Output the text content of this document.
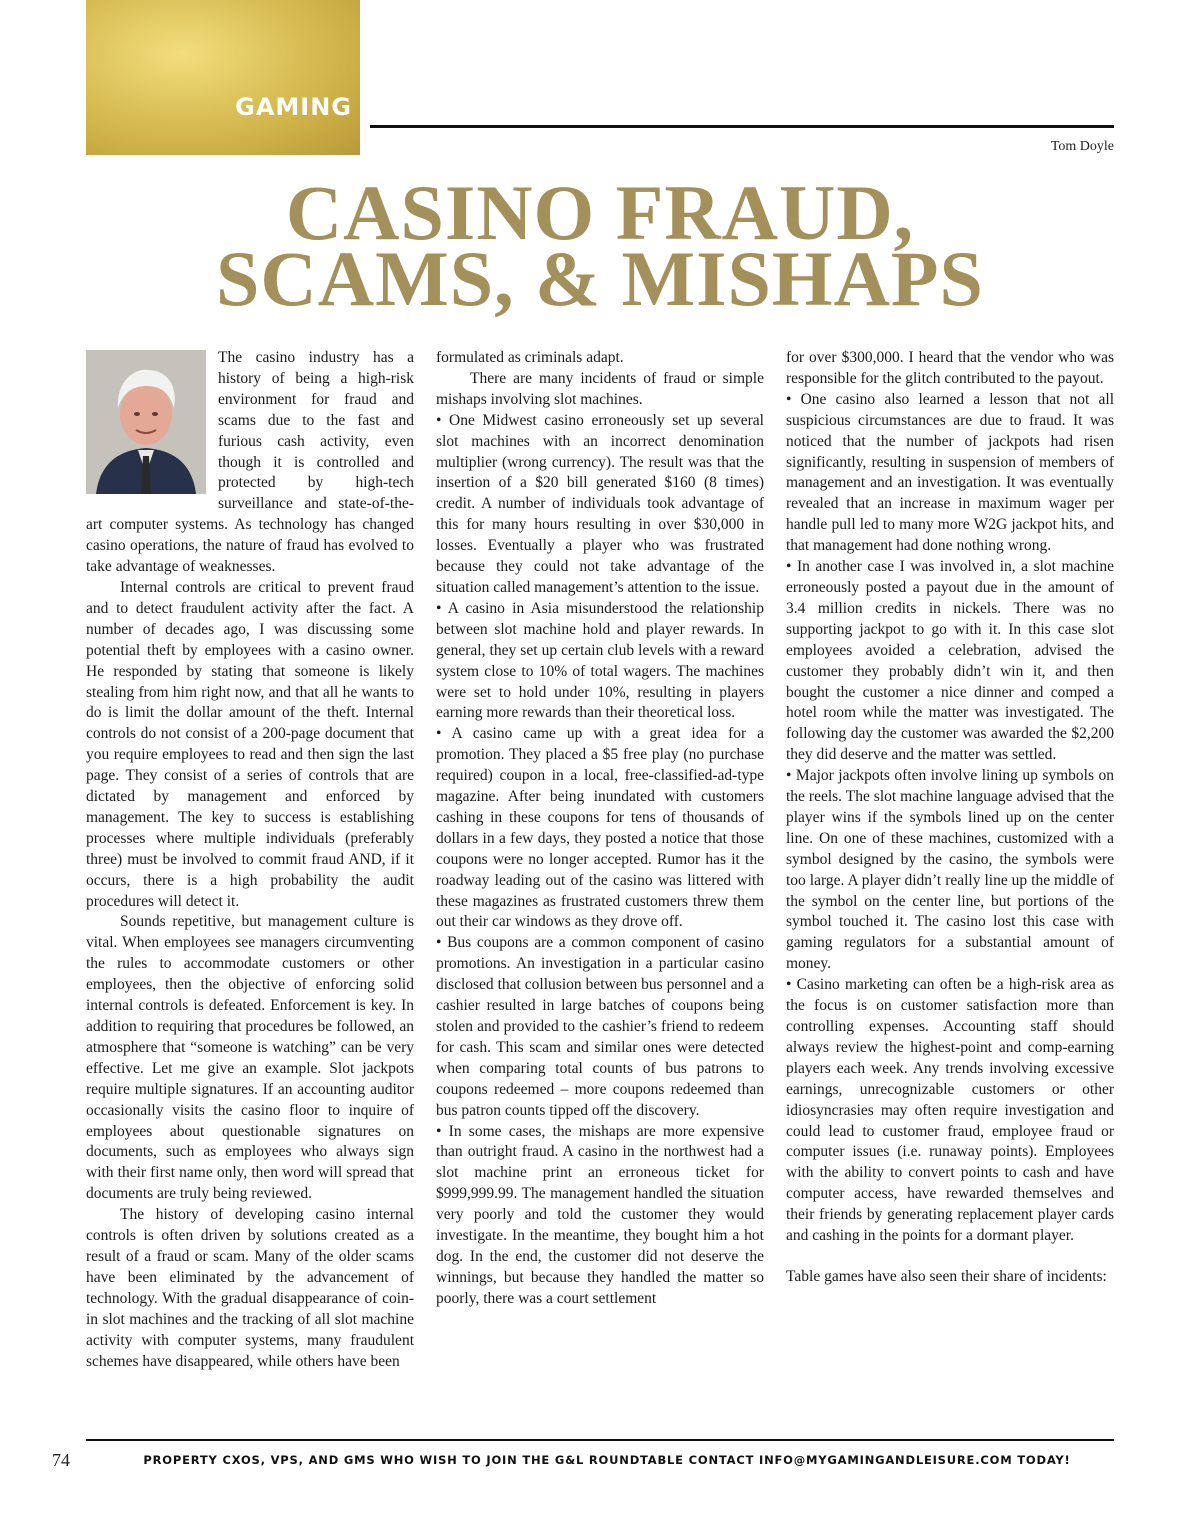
GAMING
Tom Doyle
CASINO FRAUD,
SCAMS, & MISHAPS

The casino industry has a history of being a high-risk environment for fraud and scams due to the fast and furious cash activity, even though it is controlled and protected by high-tech surveillance and state-of-the-art computer systems. As technology has changed casino operations, the nature of fraud has evolved to take advantage of weaknesses.

Internal controls are critical to prevent fraud and to detect fraudulent activity after the fact. A number of decades ago, I was discussing some potential theft by employees with a casino owner. He responded by stating that someone is likely stealing from him right now, and that all he wants to do is limit the dollar amount of the theft. Internal controls do not consist of a 200-page document that you require employees to read and then sign the last page. They consist of a series of controls that are dictated by management and enforced by management. The key to success is establishing processes where multiple individuals (preferably three) must be involved to commit fraud AND, if it occurs, there is a high probability the audit procedures will detect it.

Sounds repetitive, but management culture is vital. When employees see managers circumventing the rules to accommodate customers or other employees, then the objective of enforcing solid internal controls is defeated. Enforcement is key. In addition to requiring that procedures be followed, an atmosphere that “someone is watching” can be very effective. Let me give an example. Slot jackpots require multiple signatures. If an accounting auditor occasionally visits the casino floor to inquire of employees about questionable signatures on documents, such as employees who always sign with their first name only, then word will spread that documents are truly being reviewed.

The history of developing casino internal controls is often driven by solutions created as a result of a fraud or scam. Many of the older scams have been eliminated by the advancement of technology. With the gradual disappearance of coin-in slot machines and the tracking of all slot machine activity with computer systems, many fraudulent schemes have disappeared, while others have been

formulated as criminals adapt.

There are many incidents of fraud or simple mishaps involving slot machines.

• One Midwest casino erroneously set up several slot machines with an incorrect denomination multiplier (wrong currency). The result was that the insertion of a $20 bill generated $160 (8 times) credit. A number of individuals took advantage of this for many hours resulting in over $30,000 in losses. Eventually a player who was frustrated because they could not take advantage of the situation called management’s attention to the issue.

• A casino in Asia misunderstood the relationship between slot machine hold and player rewards. In general, they set up certain club levels with a reward system close to 10% of total wagers. The machines were set to hold under 10%, resulting in players earning more rewards than their theoretical loss.

• A casino came up with a great idea for a promotion. They placed a $5 free play (no purchase required) coupon in a local, free-classified-ad-type magazine. After being inundated with customers cashing in these coupons for tens of thousands of dollars in a few days, they posted a notice that those coupons were no longer accepted. Rumor has it the roadway leading out of the casino was littered with these magazines as frustrated customers threw them out their car windows as they drove off.

• Bus coupons are a common component of casino promotions. An investigation in a particular casino disclosed that collusion between bus personnel and a cashier resulted in large batches of coupons being stolen and provided to the cashier’s friend to redeem for cash. This scam and similar ones were detected when comparing total counts of bus patrons to coupons redeemed – more coupons redeemed than bus patron counts tipped off the discovery.

• In some cases, the mishaps are more expensive than outright fraud. A casino in the northwest had a slot machine print an erroneous ticket for $999,999.99. The management handled the situation very poorly and told the customer they would investigate. In the meantime, they bought him a hot dog. In the end, the customer did not deserve the winnings, but because they handled the matter so poorly, there was a court settlement

for over $300,000. I heard that the vendor who was responsible for the glitch contributed to the payout.

• One casino also learned a lesson that not all suspicious circumstances are due to fraud. It was noticed that the number of jackpots had risen significantly, resulting in suspension of members of management and an investigation. It was eventually revealed that an increase in maximum wager per handle pull led to many more W2G jackpot hits, and that management had done nothing wrong.

• In another case I was involved in, a slot machine erroneously posted a payout due in the amount of 3.4 million credits in nickels. There was no supporting jackpot to go with it. In this case slot employees avoided a celebration, advised the customer they probably didn’t win it, and then bought the customer a nice dinner and comped a hotel room while the matter was investigated. The following day the customer was awarded the $2,200 they did deserve and the matter was settled.

• Major jackpots often involve lining up symbols on the reels. The slot machine language advised that the player wins if the symbols lined up on the center line. On one of these machines, customized with a symbol designed by the casino, the symbols were too large. A player didn’t really line up the middle of the symbol on the center line, but portions of the symbol touched it. The casino lost this case with gaming regulators for a substantial amount of money.

• Casino marketing can often be a high-risk area as the focus is on customer satisfaction more than controlling expenses. Accounting staff should always review the highest-point and comp-earning players each week. Any trends involving excessive earnings, unrecognizable customers or other idiosyncrasies may often require investigation and could lead to customer fraud, employee fraud or computer issues (i.e. runaway points). Employees with the ability to convert points to cash and have computer access, have rewarded themselves and their friends by generating replacement player cards and cashing in the points for a dormant player.

Table games have also seen their share of incidents:

74	PROPERTY CXOS, VPS, AND GMS WHO WISH TO JOIN THE G&L ROUNDTABLE CONTACT INFO@MYGAMINGANDLEISURE.COM TODAY!
